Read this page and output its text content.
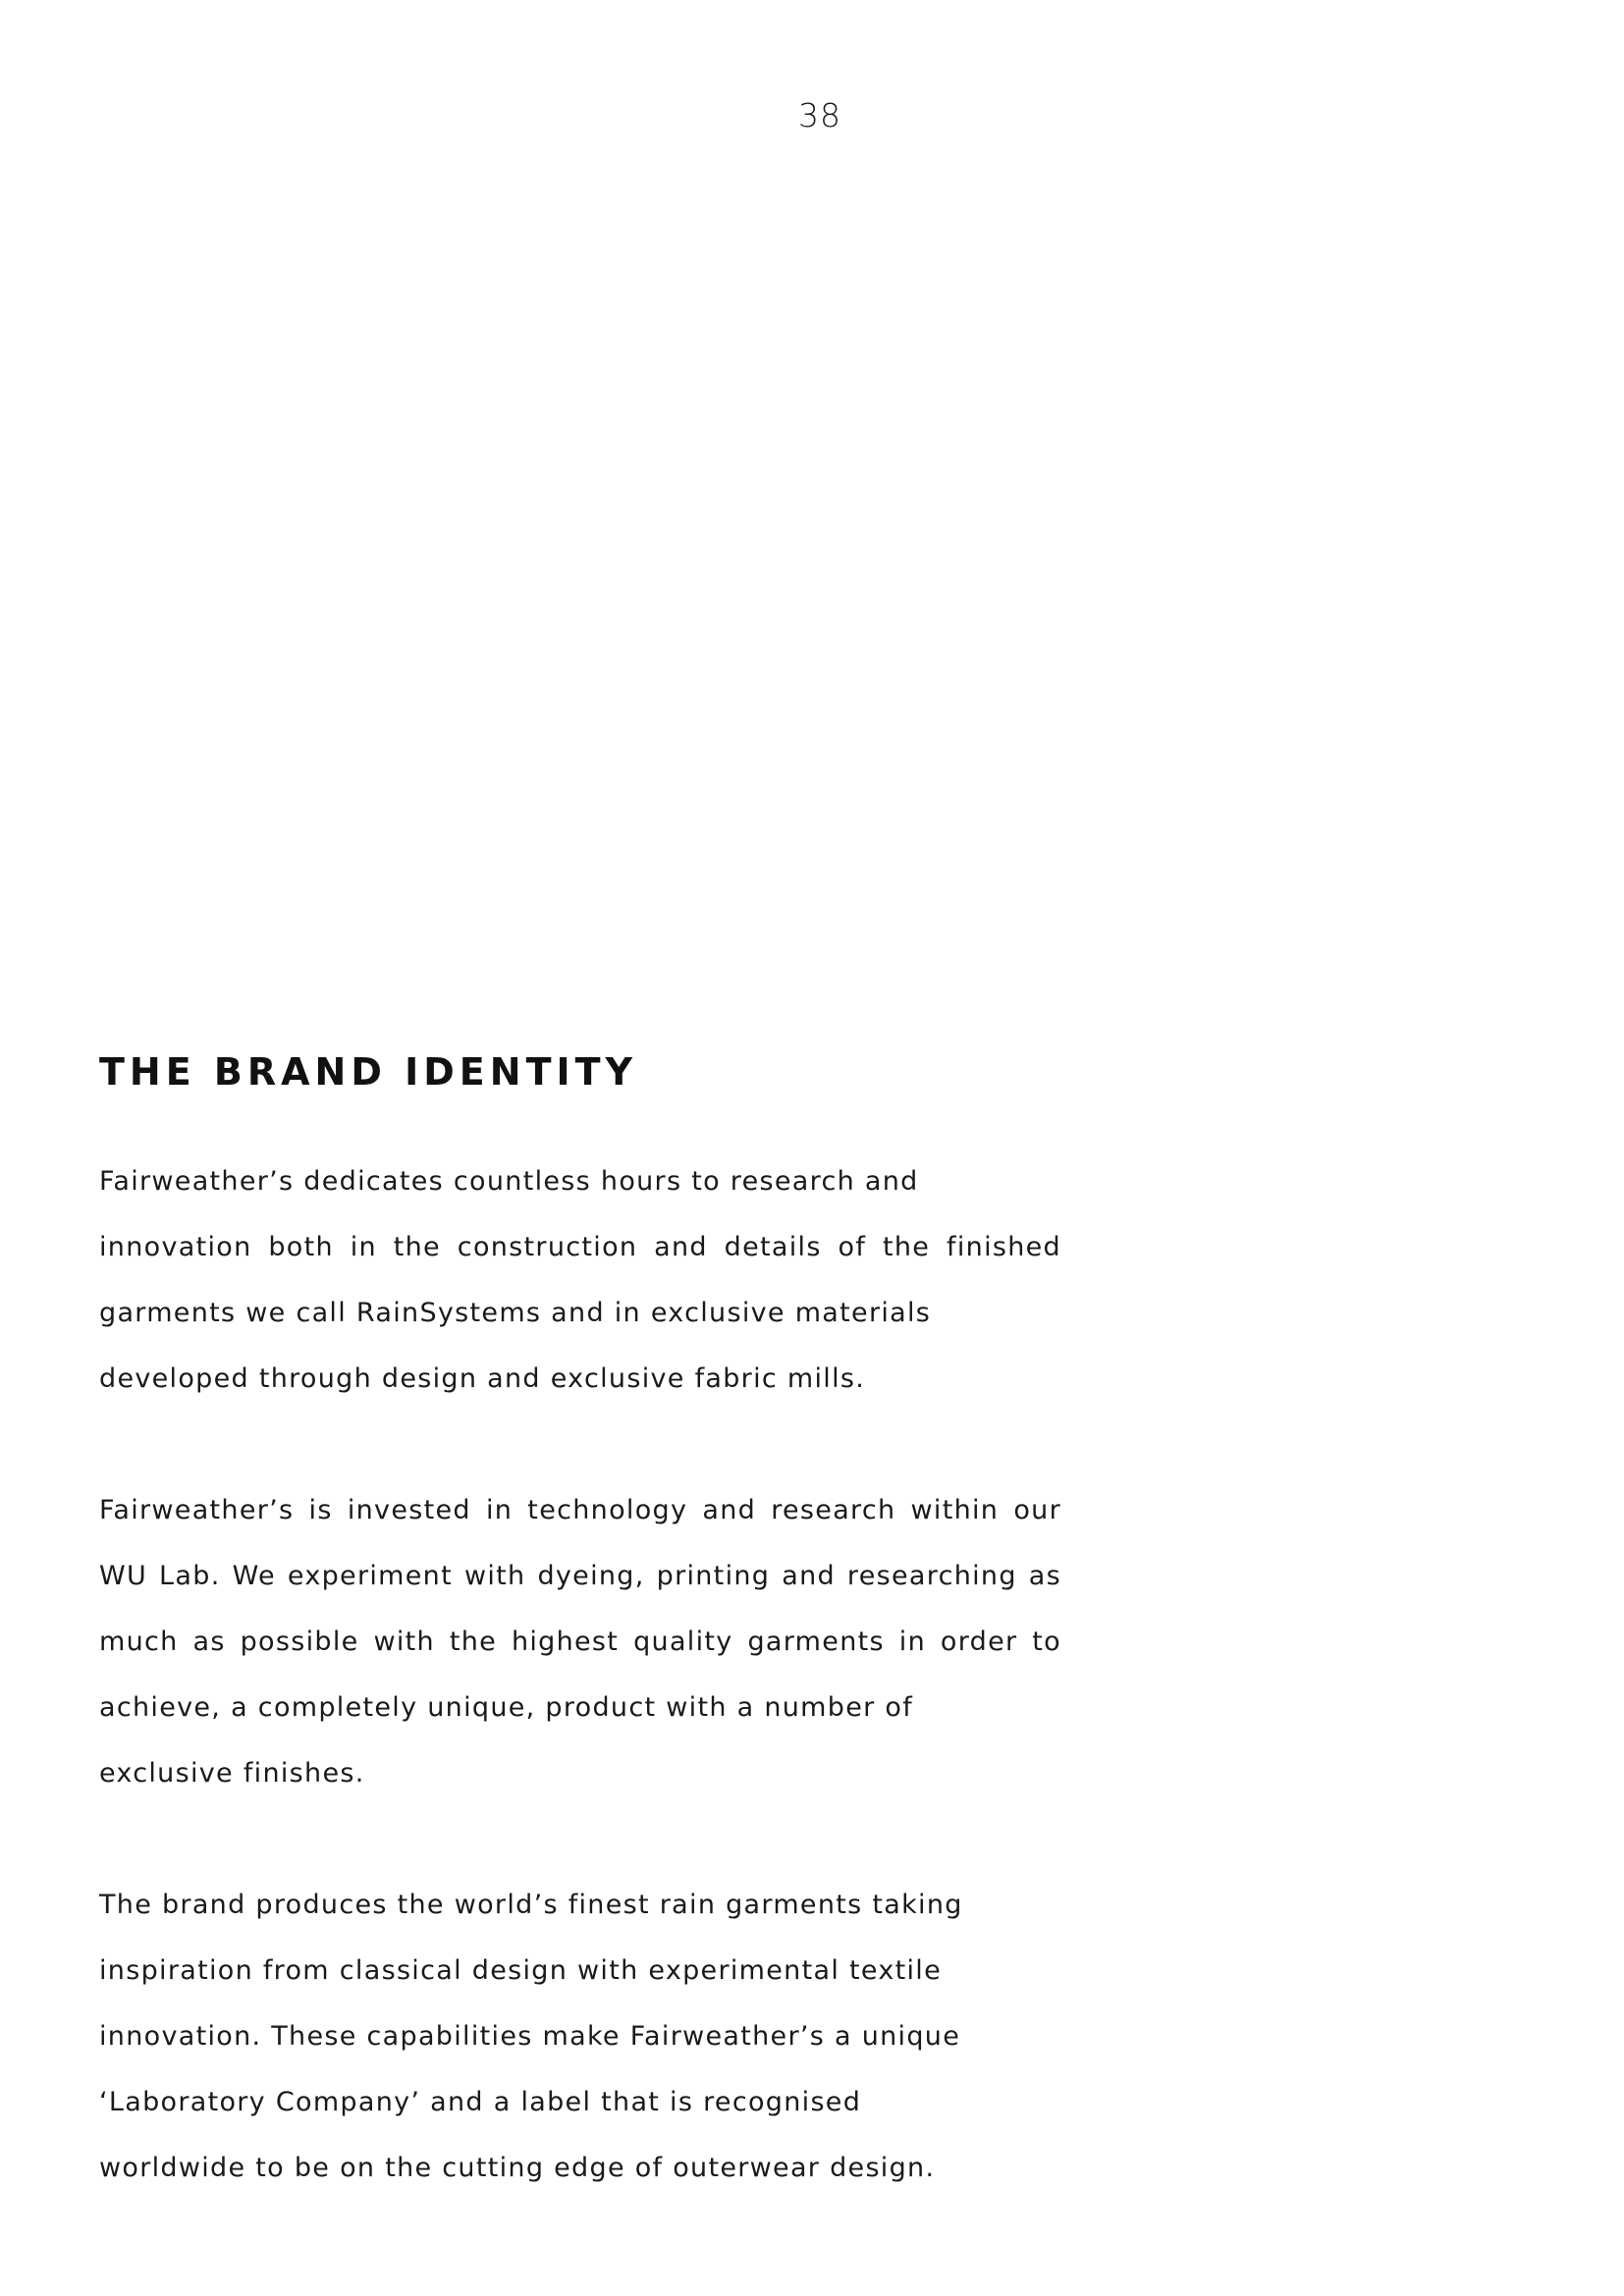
38
THE BRAND IDENTITY

Fairweather’s dedicates countless hours to research and
innovation both in the construction and details of the finished
garments we call RainSystems and in exclusive materials
developed through design and exclusive fabric mills.

Fairweather’s is invested in technology and research within our
WU Lab. We experiment with dyeing, printing and researching as
much as possible with the highest quality garments in order to
achieve, a completely unique, product with a number of
exclusive finishes.

The brand produces the world’s finest rain garments taking
inspiration from classical design with experimental textile
innovation. These capabilities make Fairweather’s a unique
‘Laboratory Company’ and a label that is recognised
worldwide to be on the cutting edge of outerwear design.
